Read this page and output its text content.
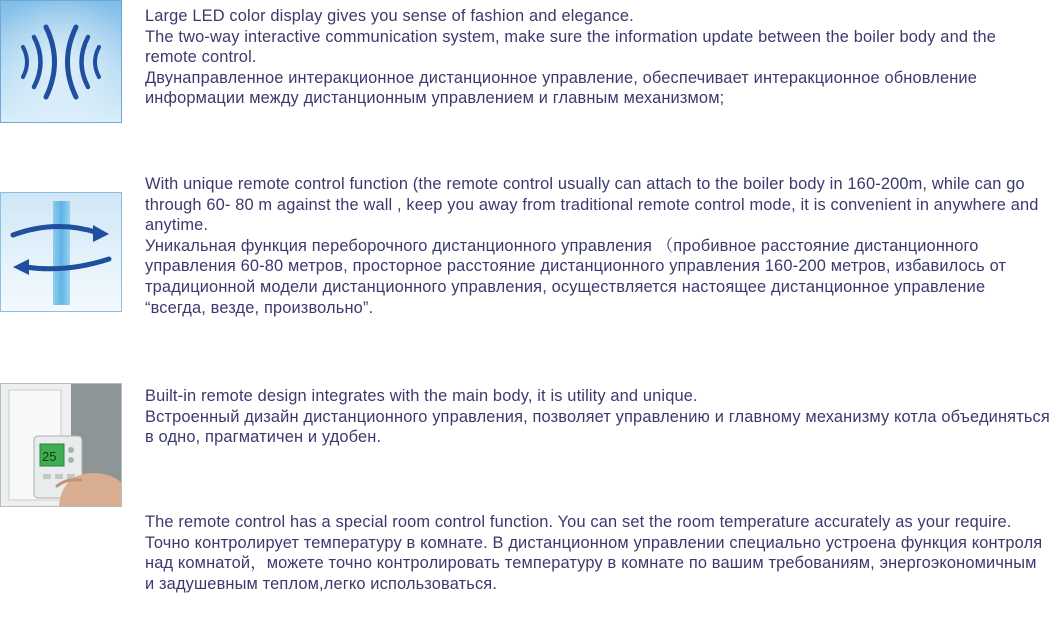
25

Large LED color display gives you sense of fashion and elegance.

The two-way interactive communication system, make sure the information update between the boiler body and the remote control.

Двунаправленное интеракционное дистанционное управление, обеспечивает интеракционное обновление информации между дистанционным управлением и главным механизмом;

With unique remote control function (the remote control usually can attach to the boiler body in 160-200m, while can go through 60- 80 m against the wall , keep you away from traditional remote control mode, it is convenient in anywhere and anytime.

Уникальная функция переборочного дистанционного управления （пробивное расстояние дистанционного управления 60-80 метров, просторное расстояние дистанционного управления 160-200 метров, избавилось от традиционной модели дистанционного управления, осуществляется настоящее дистанционное управление “всегда, везде, произвольно”.

Built-in remote design integrates with the main body, it is utility and unique.

Встроенный дизайн дистанционного управления, позволяет управлению и главному механизму котла объединяться в одно, прагматичен и удобен.

The remote control has a special room control function. You can set the room temperature accurately as your require.

Точно контролирует температуру в комнате. В дистанционном управлении специально устроена функция контроля над комнатой，можете точно контролировать температуру в комнате по вашим требованиям, энергоэкономичным и задушевным теплом,легко использоваться.
